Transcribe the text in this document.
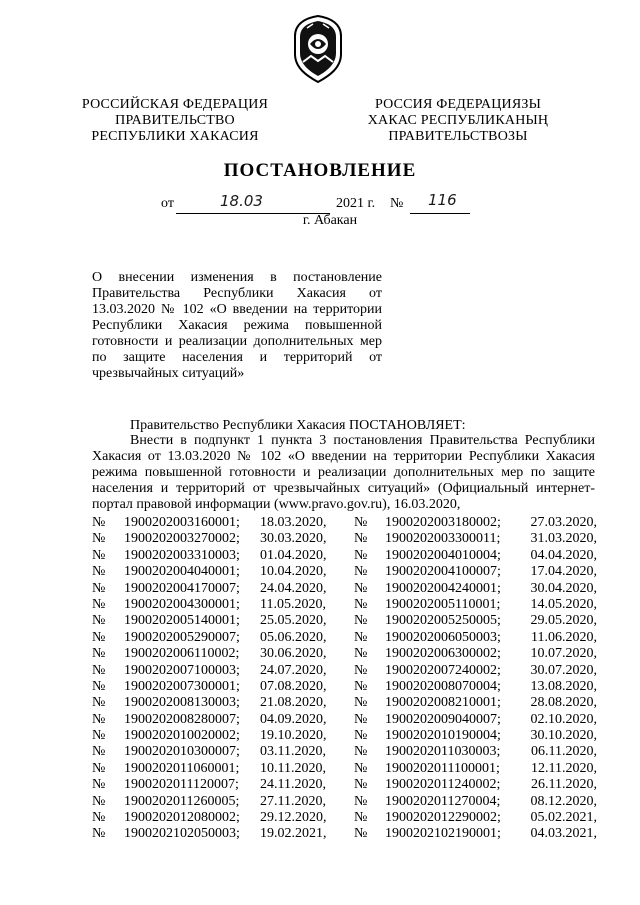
РОССИЙСКАЯ ФЕДЕРАЦИЯ
ПРАВИТЕЛЬСТВО
РЕСПУБЛИКИ ХАКАСИЯ
РОССИЯ ФЕДЕРАЦИЯЗЫ
ХАКАС РЕСПУБЛИКАНЫҢ
ПРАВИТЕЛЬСТВОЗЫ
ПОСТАНОВЛЕНИЕ
от	18.03	2021 г. № 116
г. Абакан
О внесении изменения в постановление Правительства Республики Хакасия от 13.03.2020 № 102 «О введении на территории Республики Хакасия режима повышенной готовности и реализации дополнительных мер по защите населения и территорий от чрезвычайных ситуаций»
Правительство Республики Хакасия ПОСТАНОВЛЯЕТ:
Внести в подпункт 1 пункта 3 постановления Правительства Республики Хакасия от 13.03.2020 № 102 «О введении на территории Республики Хакасия режима повышенной готовности и реализации дополнительных мер по защите населения и территорий от чрезвычайных ситуаций» (Официальный интернет-портал правовой информации (www.pravo.gov.ru), 16.03.2020,
№ 1900202003160001; 18.03.2020, № 1900202003180002; 27.03.2020,
№ 1900202003270002; 30.03.2020, № 1900202003300011; 31.03.2020,
№ 1900202003310003; 01.04.2020, № 1900202004010004; 04.04.2020,
№ 1900202004040001; 10.04.2020, № 1900202004100007; 17.04.2020,
№ 1900202004170007; 24.04.2020, № 1900202004240001; 30.04.2020,
№ 1900202004300001; 11.05.2020, № 1900202005110001; 14.05.2020,
№ 1900202005140001; 25.05.2020, № 1900202005250005; 29.05.2020,
№ 1900202005290007; 05.06.2020, № 1900202006050003; 11.06.2020,
№ 1900202006110002; 30.06.2020, № 1900202006300002; 10.07.2020,
№ 1900202007100003; 24.07.2020, № 1900202007240002; 30.07.2020,
№ 1900202007300001; 07.08.2020, № 1900202008070004; 13.08.2020,
№ 1900202008130003; 21.08.2020, № 1900202008210001; 28.08.2020,
№ 1900202008280007; 04.09.2020, № 1900202009040007; 02.10.2020,
№ 1900202010020002; 19.10.2020, № 1900202010190004; 30.10.2020,
№ 1900202010300007; 03.11.2020, № 1900202011030003; 06.11.2020,
№ 1900202011060001; 10.11.2020, № 1900202011100001; 12.11.2020,
№ 1900202011120007; 24.11.2020, № 1900202011240002; 26.11.2020,
№ 1900202011260005; 27.11.2020, № 1900202011270004; 08.12.2020,
№ 1900202012080002; 29.12.2020, № 1900202012290002; 05.02.2021,
№ 1900202102050003; 19.02.2021, № 1900202102190001; 04.03.2021,
